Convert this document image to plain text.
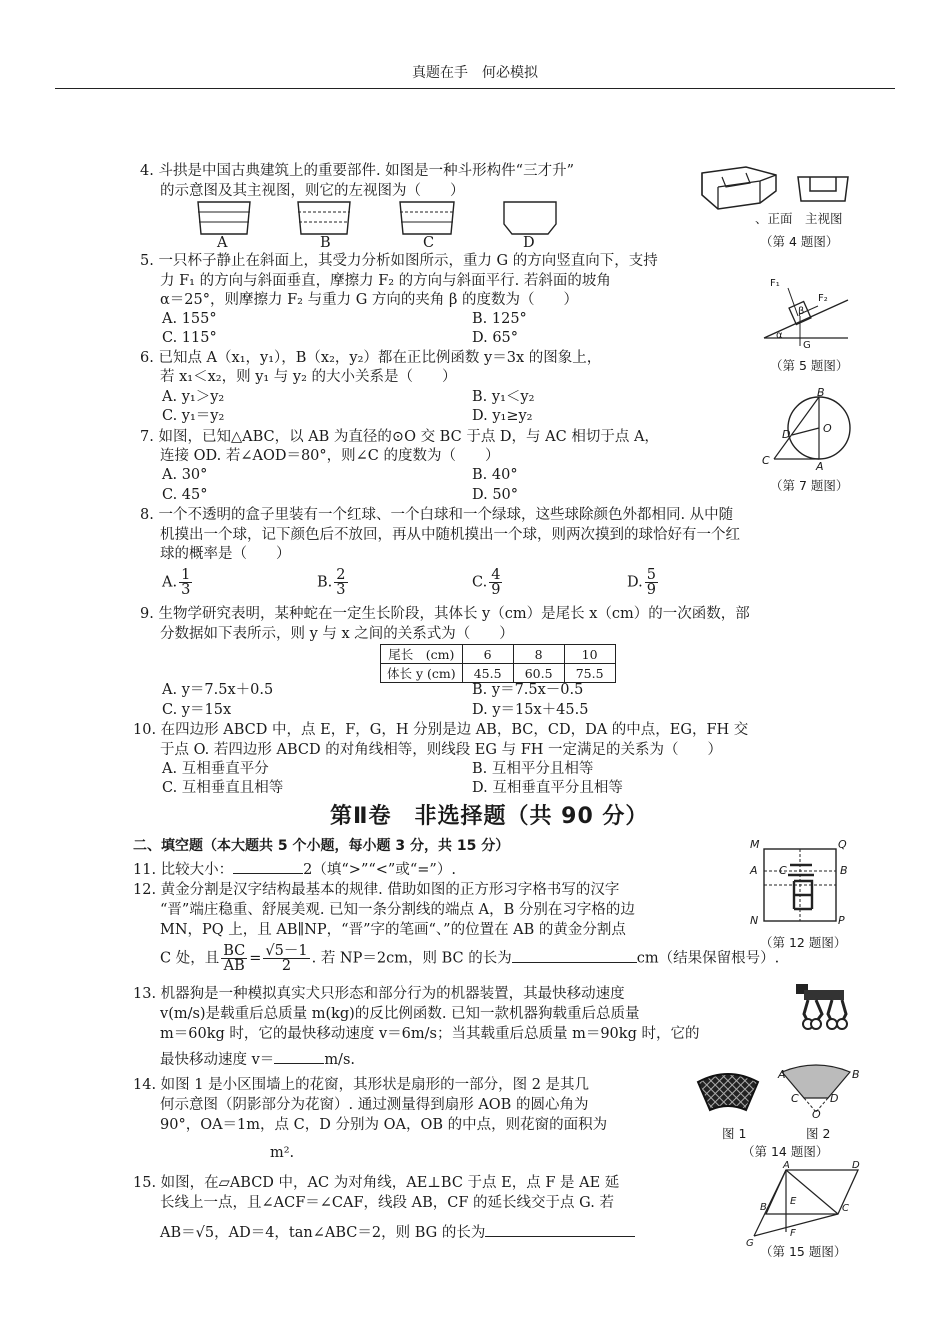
真题在手　何必模拟
4. 斗拱是中国古典建筑上的重要部件. 如图是一种斗形构件“三才升”
的示意图及其主视图，则它的左视图为（　　）
A	B	C	D
、正面　主视图
（第 4 题图）
5. 一只杯子静止在斜面上，其受力分析如图所示，重力 G 的方向竖直向下，支持
力 F₁ 的方向与斜面垂直，摩擦力 F₂ 的方向与斜面平行. 若斜面的坡角
α＝25°，则摩擦力 F₂ 与重力 G 方向的夹角 β 的度数为（　　）
A. 155°	B. 125°
C. 115°	D. 65°
F₁
F₂
β
α
G
（第 5 题图）
6. 已知点 A（x₁，y₁），B（x₂，y₂）都在正比例函数 y＝3x 的图象上，
若 x₁＜x₂，则 y₁ 与 y₂ 的大小关系是（　　）
A. y₁＞y₂	B. y₁＜y₂
C. y₁＝y₂	D. y₁≥y₂
7. 如图，已知△ABC，以 AB 为直径的⊙O 交 BC 于点 D，与 AC 相切于点 A，
连接 OD. 若∠AOD＝80°，则∠C 的度数为（　　）
A. 30°	B. 40°
C. 45°	D. 50°
B
D	O
C	A
（第 7 题图）
8. 一个不透明的盒子里装有一个红球、一个白球和一个绿球，这些球除颜色外都相同. 从中随
机摸出一个球，记下颜色后不放回，再从中随机摸出一个球，则两次摸到的球恰好有一个红
球的概率是（　　）
A. $\frac{1}{3}$	B. $\frac{2}{3}$	C. $\frac{4}{9}$	D. $\frac{5}{9}$
9. 生物学研究表明，某种蛇在一定生长阶段，其体长 y（cm）是尾长 x（cm）的一次函数，部
分数据如下表所示，则 y 与 x 之间的关系式为（　　）
尾长　(cm)	6	8	10
体长 y (cm)	45.5	60.5	75.5
A. y＝7.5x＋0.5	B. y＝7.5x－0.5
C. y＝15x	D. y＝15x＋45.5
10. 在四边形 ABCD 中，点 E，F，G，H 分别是边 AB，BC，CD，DA 的中点，EG，FH 交
于点 O. 若四边形 ABCD 的对角线相等，则线段 EG 与 FH 一定满足的关系为（　　）
A. 互相垂直平分	B. 互相平分且相等
C. 互相垂直且相等	D. 互相垂直平分且相等
第Ⅱ卷　非选择题（共 90 分）
二、填空题（本大题共 5 个小题，每小题 3 分，共 15 分）
11. 比较大小：	2（填“>”“<”或“=”）.
12. 黄金分割是汉字结构最基本的规律. 借助如图的正方形习字格书写的汉字
“晋”端庄稳重、舒展美观. 已知一条分割线的端点 A，B 分别在习字格的边
MN，PQ 上，且 AB∥NP，“晋”字的笔画“、”的位置在 AB 的黄金分割点
C 处，且 $\frac{BC}{AB} = \frac{√5-1}{2}$ . 若 NP＝2cm，则 BC 的长为	cm（结果保留根号）.
M	Q
A C	B
N	P
（第 12 题图）
13. 机器狗是一种模拟真实犬只形态和部分行为的机器装置，其最快移动速度
v(m/s)是载重后总质量 m(kg)的反比例函数. 已知一款机器狗载重后总质量
m＝60kg 时，它的最快移动速度 v＝6m/s；当其载重后总质量 m＝90kg 时，它的
最快移动速度 v＝	m/s.
14. 如图 1 是小区围墙上的花窗，其形状是扇形的一部分，图 2 是其几
何示意图（阴影部分为花窗）. 通过测量得到扇形 AOB 的圆心角为
90°，OA＝1m，点 C，D 分别为 OA，OB 的中点，则花窗的面积为
m².
A	B
C	D
O
图 1	图 2
（第 14 题图）
15. 如图，在▱ABCD 中，AC 为对角线，AE⊥BC 于点 E，点 F 是 AE 延
长线上一点，且∠ACF＝∠CAF，线段 AB，CF 的延长线交于点 G. 若
AB＝√5，AD＝4，tan∠ABC＝2，则 BG 的长为
A	D
B
E
C
F
G
（第 15 题图）
